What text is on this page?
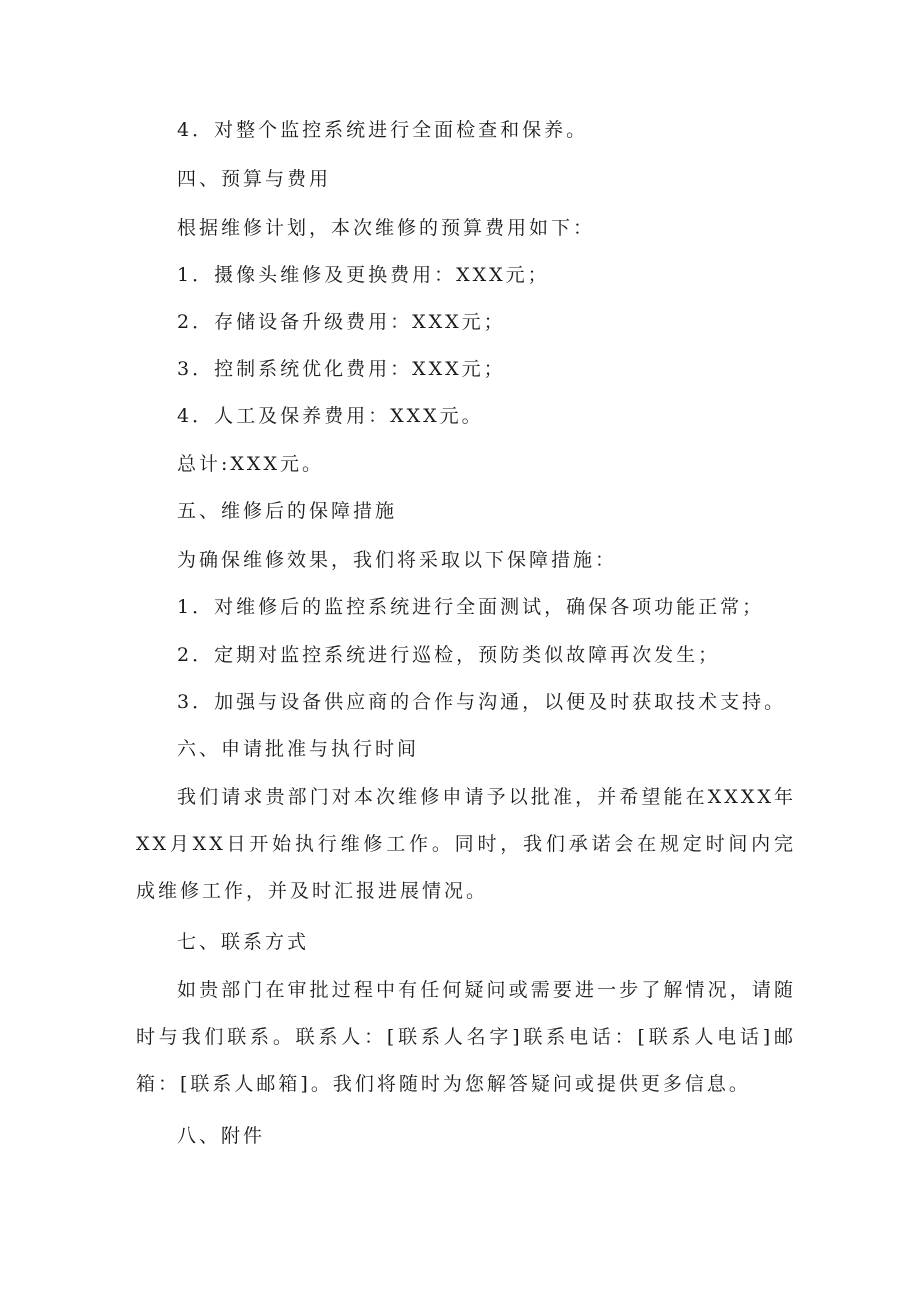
4．对整个监控系统进行全面检查和保养。
四、预算与费用
根据维修计划，本次维修的预算费用如下：
1．摄像头维修及更换费用：XXX元；
2．存储设备升级费用：XXX元；
3．控制系统优化费用：XXX元；
4．人工及保养费用：XXX元。
总计:XXX元。
五、维修后的保障措施
为确保维修效果，我们将采取以下保障措施：
1．对维修后的监控系统进行全面测试，确保各项功能正常；
2．定期对监控系统进行巡检，预防类似故障再次发生；
3．加强与设备供应商的合作与沟通，以便及时获取技术支持。
六、申请批准与执行时间

我们请求贵部门对本次维修申请予以批准，并希望能在XXXX年XX月XX日开始执行维修工作。同时，我们承诺会在规定时间内完成维修工作，并及时汇报进展情况。

七、联系方式

如贵部门在审批过程中有任何疑问或需要进一步了解情况，请随时与我们联系。联系人：[联系人名字]联系电话：[联系人电话]邮箱：[联系人邮箱]。我们将随时为您解答疑问或提供更多信息。

八、附件
